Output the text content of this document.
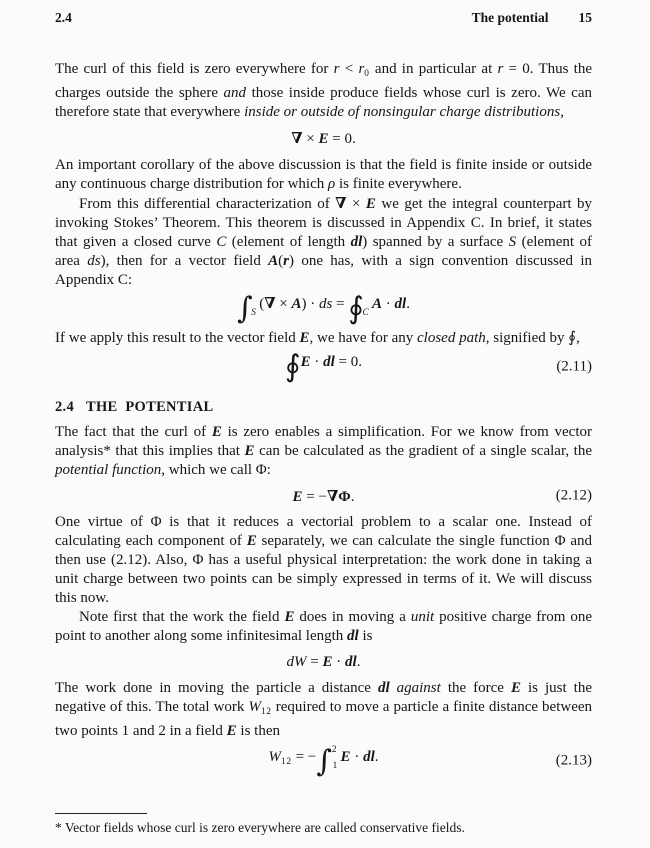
2.4	The potential 15

The curl of this field is zero everywhere for $r < r_0$ and in particular at r = 0. Thus the charges outside the sphere and those inside produce fields whose curl is zero. We can therefore state that everywhere inside or outside of nonsingular charge distributions,

∇ × E = 0.

An important corollary of the above discussion is that the field is finite inside or outside any continuous charge distribution for which ρ is finite everywhere.

From this differential characterization of ∇ × E we get the integral counterpart by invoking Stokes’ Theorem. This theorem is discussed in Appendix C. In brief, it states that given a closed curve C (element of length dl) spanned by a surface S (element of area ds), then for a vector field A(r) one has, with a sign convention discussed in Appendix C:

$\int_S(\nabla \times A)$ · ds = $∮_CA$ · dl.

If we apply this result to the vector field E, we have for any closed path, signified by ∮,

∮E · dl = 0.	(2.11)
2.4 THE POTENTIAL

The fact that the curl of E is zero enables a simplification. For we know from vector analysis* that this implies that E can be calculated as the gradient of a single scalar, the potential function, which we call Φ:

E = −∇Φ.	(2.12)

One virtue of Φ is that it reduces a vectorial problem to a scalar one. Instead of calculating each component of E separately, we can calculate the single function Φ and then use (2.12). Also, Φ has a useful physical interpretation: the work done in taking a unit charge between two points can be simply expressed in terms of it. We will discuss this now.

Note first that the work the field E does in moving a unit positive charge from one point to another along some infinitesimal length dl is

dW = E · dl.

The work done in moving the particle a distance dl against the force E is just the negative of this. The total work $W_{12}$ required to move a particle a finite distance between two points 1 and 2 in a field E is then

$W_{12} = -\int^2_1E$ · dl.	(2.13)
* Vector fields whose curl is zero everywhere are called conservative fields.
